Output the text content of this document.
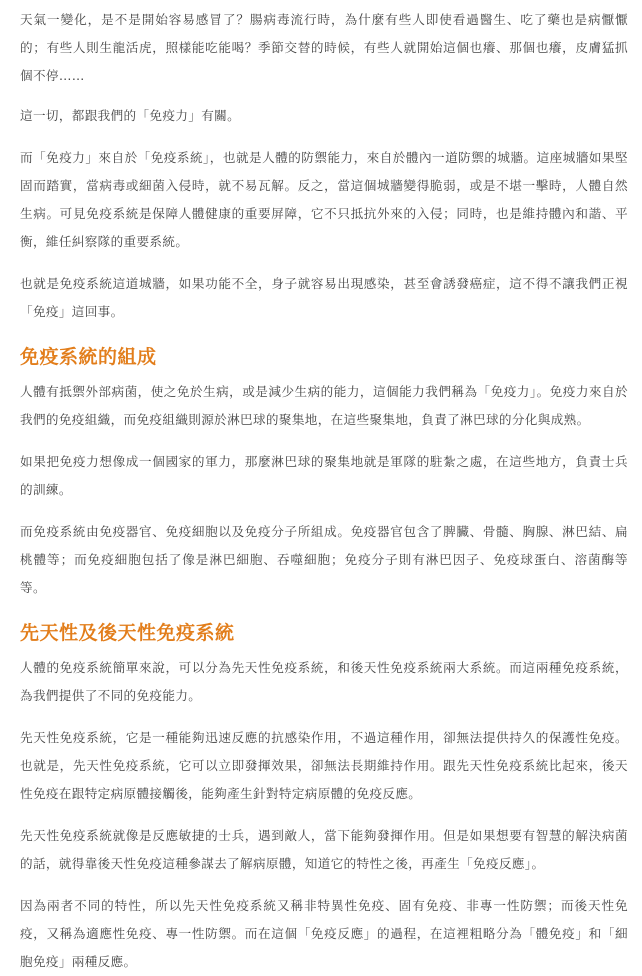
天氣一變化，是不是開始容易感冒了？腸病毒流行時，為什麼有些人即使看過醫生、吃了藥也是病懨懨的；有些人則生龍活虎，照樣能吃能喝？季節交替的時候，有些人就開始這個也癢、那個也癢，皮膚猛抓個不停……

這一切，都跟我們的「免疫力」有關。

而「免疫力」來自於「免疫系統」，也就是人體的防禦能力，來自於體內一道防禦的城牆。這座城牆如果堅固而踏實，當病毒或細菌入侵時，就不易瓦解。反之，當這個城牆變得脆弱，或是不堪一擊時，人體自然生病。可見免疫系統是保障人體健康的重要屏障，它不只抵抗外來的入侵；同時，也是維持體內和諧、平衡，維任糾察隊的重要系統。

也就是免疫系統這道城牆，如果功能不全，身子就容易出現感染，甚至會誘發癌症，這不得不讓我們正視「免疫」這回事。

免疫系統的組成

人體有抵禦外部病菌，使之免於生病，或是減少生病的能力，這個能力我們稱為「免疫力」。免疫力來自於我們的免疫組織，而免疫組織則源於淋巴球的聚集地，在這些聚集地，負責了淋巴球的分化與成熟。

如果把免疫力想像成一個國家的軍力，那麼淋巴球的聚集地就是軍隊的駐紮之處，在這些地方，負責士兵的訓練。

而免疫系統由免疫器官、免疫細胞以及免疫分子所組成。免疫器官包含了脾臟、骨髓、胸腺、淋巴結、扁桃體等；而免疫細胞包括了像是淋巴細胞、吞噬細胞；免疫分子則有淋巴因子、免疫球蛋白、溶菌酶等等。

先天性及後天性免疫系統

人體的免疫系統簡單來說，可以分為先天性免疫系統，和後天性免疫系統兩大系統。而這兩種免疫系統，為我們提供了不同的免疫能力。

先天性免疫系統，它是一種能夠迅速反應的抗感染作用，不過這種作用，卻無法提供持久的保護性免疫。也就是，先天性免疫系統，它可以立即發揮效果，卻無法長期維持作用。跟先天性免疫系統比起來，後天性免疫在跟特定病原體接觸後，能夠產生針對特定病原體的免疫反應。

先天性免疫系統就像是反應敏捷的士兵，遇到敵人，當下能夠發揮作用。但是如果想要有智慧的解決病菌的話，就得靠後天性免疫這種參謀去了解病原體，知道它的特性之後，再產生「免疫反應」。

因為兩者不同的特性，所以先天性免疫系統又稱非特異性免疫、固有免疫、非專一性防禦；而後天性免疫，又稱為適應性免疫、專一性防禦。而在這個「免疫反應」的過程，在這裡粗略分為「體免疫」和「細胞免疫」兩種反應。
